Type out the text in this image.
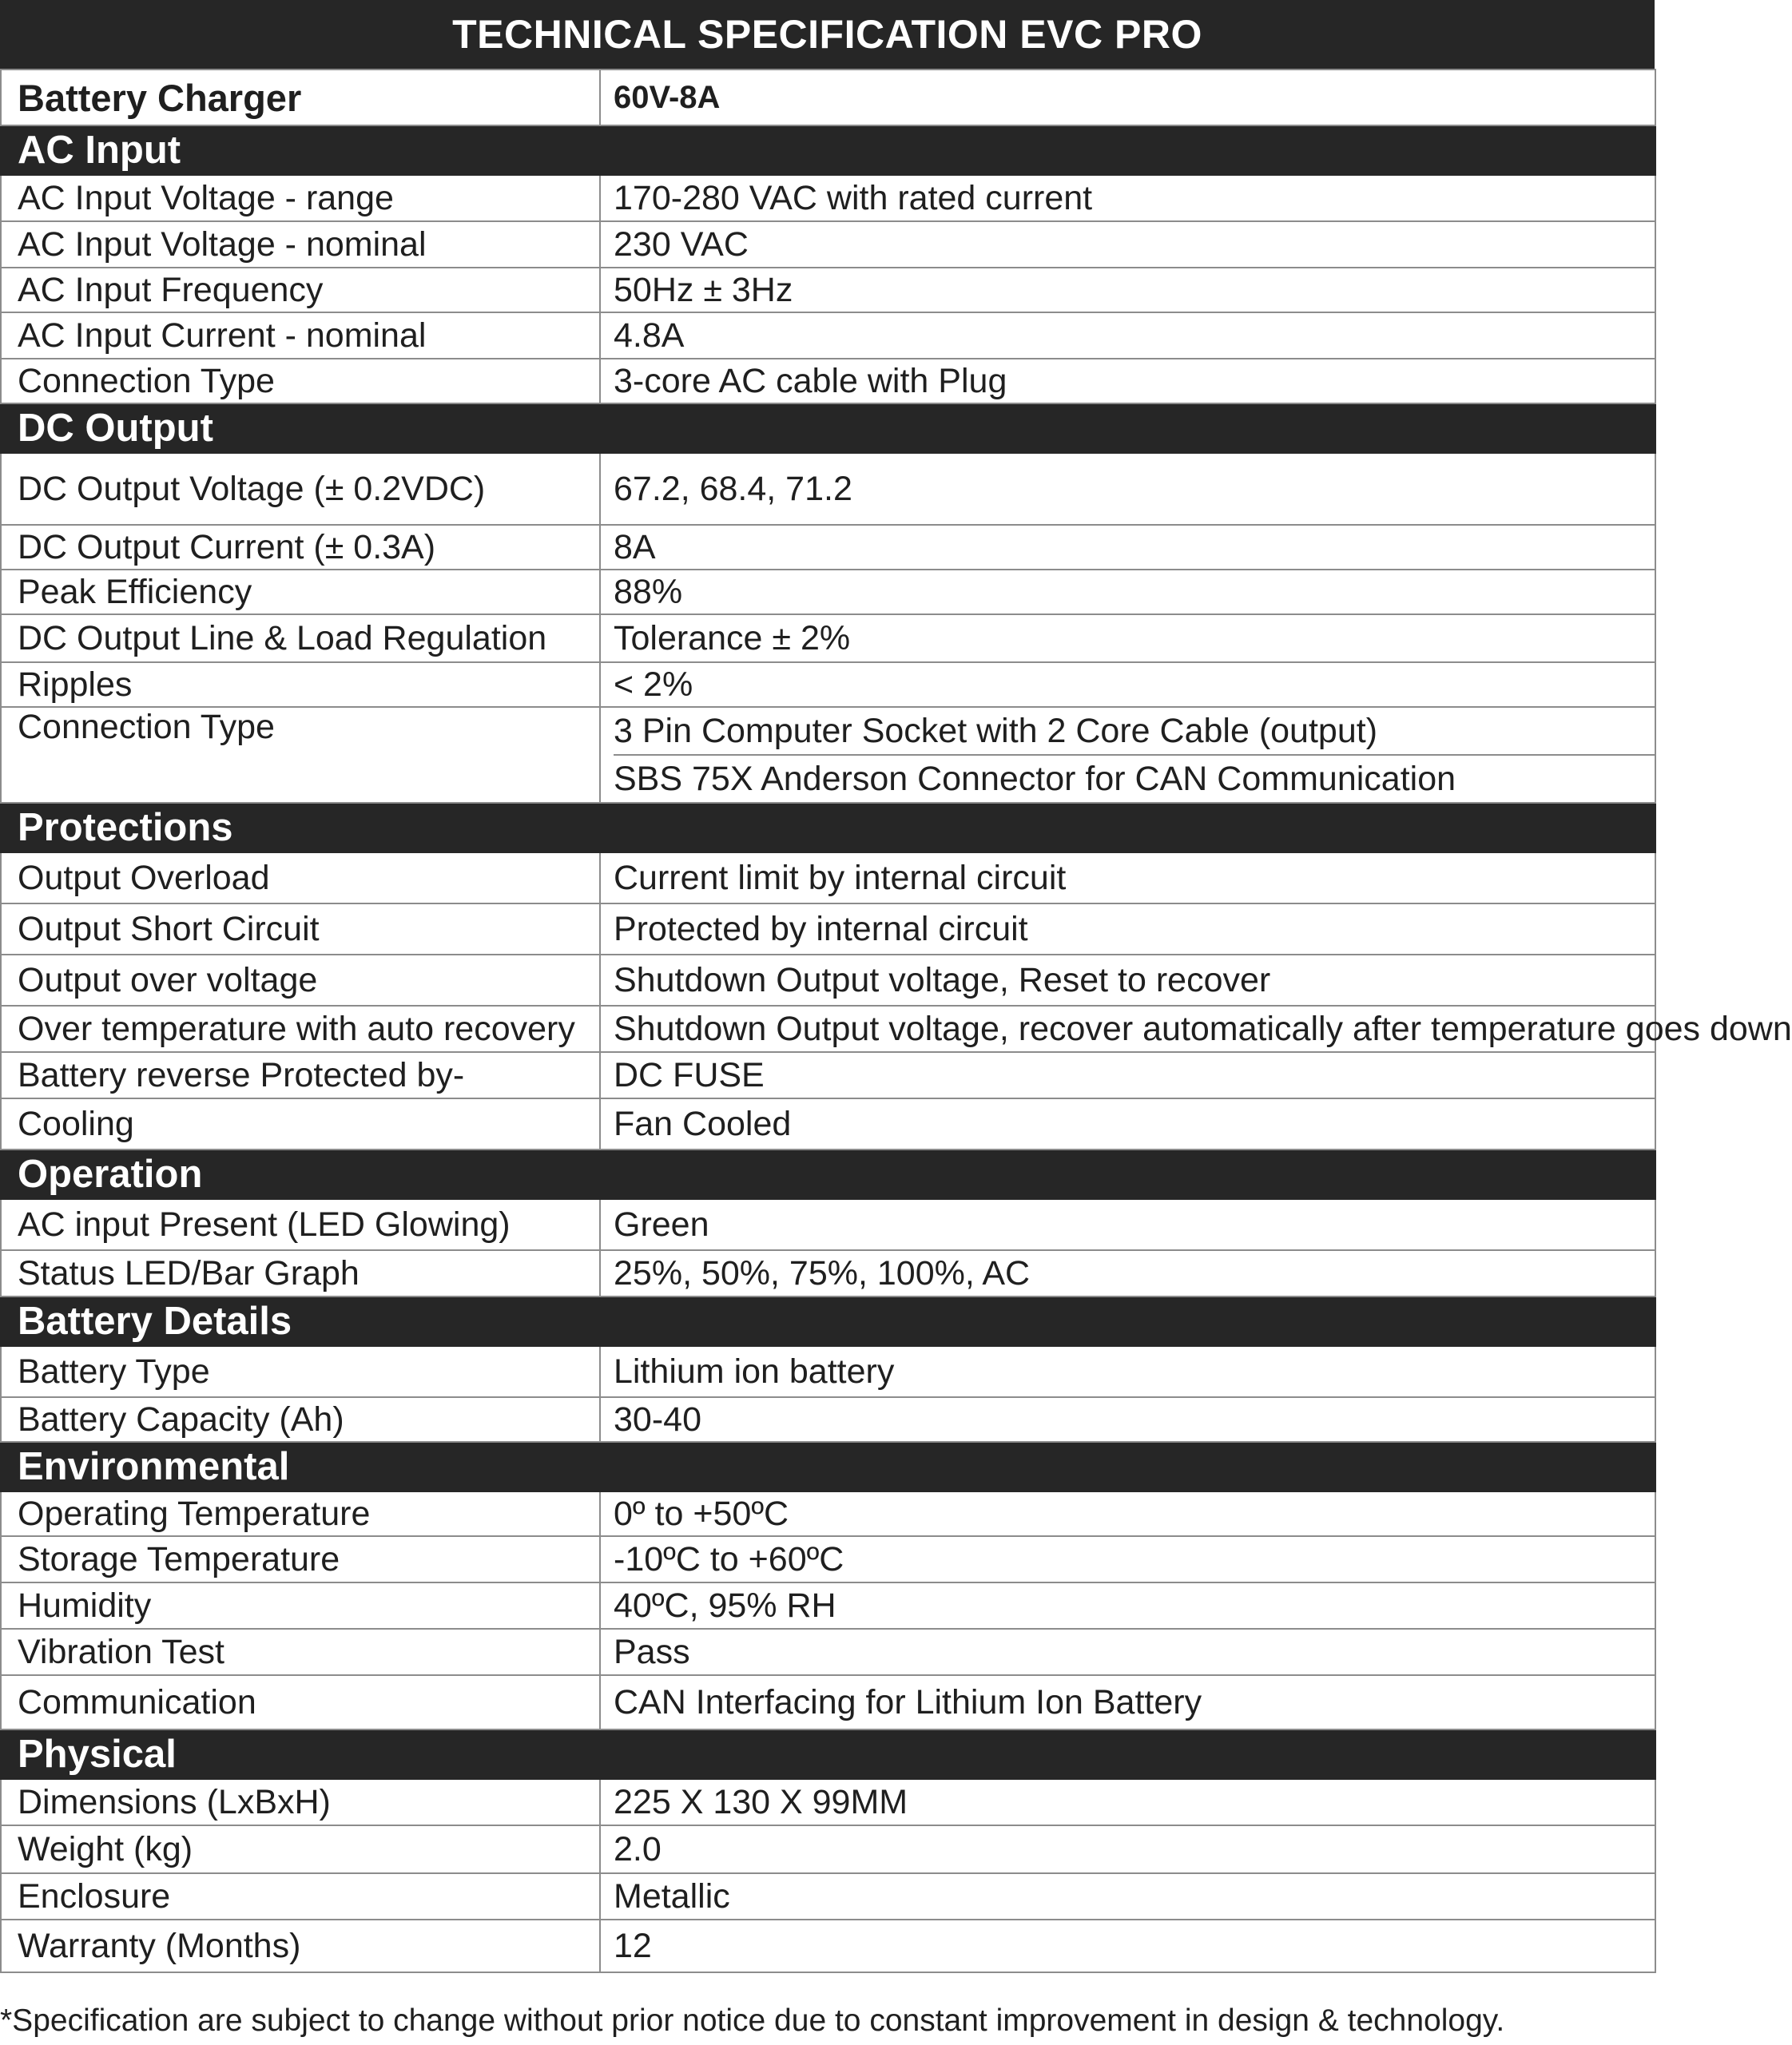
TECHNICAL SPECIFICATION EVC PRO
Battery Charger	60V-8A
AC Input	
AC Input Voltage - range	170-280 VAC with rated current
AC Input Voltage - nominal	230 VAC
AC Input Frequency	50Hz ± 3Hz
AC Input Current - nominal	4.8A
Connection Type	3-core AC cable with Plug
DC Output	
DC Output Voltage (± 0.2VDC)	67.2, 68.4, 71.2
DC Output Current (± 0.3A)	8A
Peak Efficiency	88%
DC Output Line & Load Regulation	Tolerance ± 2%
Ripples	< 2%
Connection Type	3 Pin Computer Socket with 2 Core Cable (output)
SBS 75X Anderson Connector for CAN Communication

Protections	
Output Overload	Current limit by internal circuit
Output Short Circuit	Protected by internal circuit
Output over voltage	Shutdown Output voltage, Reset to recover
Over temperature with auto recovery	Shutdown Output voltage, recover automatically after temperature goes down
Battery reverse Protected by-	DC FUSE
Cooling	Fan Cooled
Operation	
AC input Present (LED Glowing)	Green
Status LED/Bar Graph	25%, 50%, 75%, 100%, AC
Battery Details	
Battery Type	Lithium ion battery
Battery Capacity (Ah)	30-40
Environmental	
Operating Temperature	0º to +50ºC
Storage Temperature	-10ºC to +60ºC
Humidity	40ºC, 95% RH
Vibration Test	Pass
Communication	CAN Interfacing for Lithium Ion Battery
Physical	
Dimensions (LxBxH)	225 X 130 X 99MM
Weight (kg)	2.0
Enclosure	Metallic
Warranty (Months)	12
*Specification are subject to change without prior notice due to constant improvement in design & technology.
